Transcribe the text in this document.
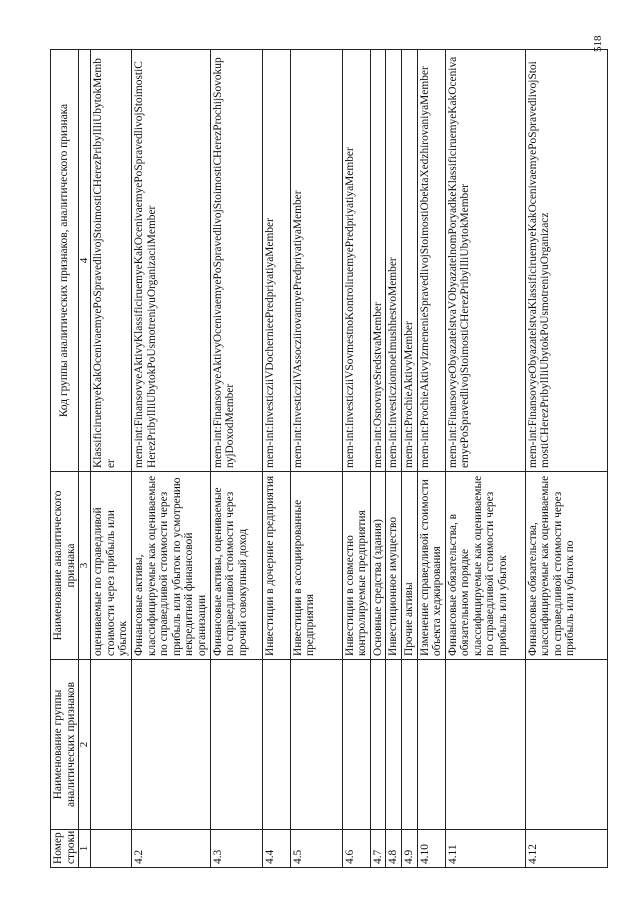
518
Номер строки	Наименование группы аналитических признаков	Наименование аналитического признака	Код группы аналитических признаков, аналитического признака
1	2	3	4
		оцениваемые по справедливой стоимости через прибыль или убыток	KlassificiruemyeKakOcenivaemyePoSpravedlivojStoimostiCHerezPribylIliUbytokMember
4.2		Финансовые активы, классифицируемые как оцениваемые по справедливой стоимости через прибыль или убыток по усмотрению некредитной финансовой организации	mem-int:FinansovyeAktivyKlassificiruemyeKakOcenivaemyePoSpravedlivojStoimostiCHerezPribylIliUbytokPoUsmotreniyuOrganizaciiMember
4.3		Финансовые активы, оцениваемые по справедливой стоимости через прочий совокупный доход	mem-int:FinansovyeAktivyOcenivaemyePoSpravedlivojStoimostiCHerezProchijSovokupnyjDoxodMember
4.4		Инвестиции в дочерние предприятия	mem-int:InvesticziiVDochernieePredpriyatiyaMember
4.5		Инвестиции в ассоциированные предприятия	mem-int:InvesticziiVAssocziirovannyePredpriyatiyaMember
4.6		Инвестиции в совместно контролируемые предприятия	mem-int:InvesticziiVSovmestnoKontroliruemyePredpriyatiyaMember
4.7		Основные средства (здания)	mem-int:OsnovnyeSredstvaMember
4.8		Инвестиционное имущество	mem-int:InvesticzionnoeImushhestvoMember
4.9		Прочие активы	mem-int:ProchieAktivyMember
4.10		Изменение справедливой стоимости объекта хеджирования	mem-int:ProchieAktivyIzmenenieSpravedlivojStoimostiObektaXedzhirovaniyaMember
4.11		Финансовые обязательства, в обязательном порядке классифицируемые как оцениваемые по справедливой стоимости через прибыль или убыток	mem-int:FinansovyeObyazatelstvaVObyazatelnomPoryadkeKlassificiruemyeKakOcenivaemyePoSpravedlivojStoimostiCHerezPribylIliUbytokMember
4.12		Финансовые обязательства, классифицируемые как оцениваемые по справедливой стоимости через прибыль или убыток по	mem-int:FinansovyeObyazatelstvaKlassificiruemyeKakOcenivaemyePoSpravedlivojStoimostiCHerezPribylIliUbytokPoUsmotreniyuOrganizacz
